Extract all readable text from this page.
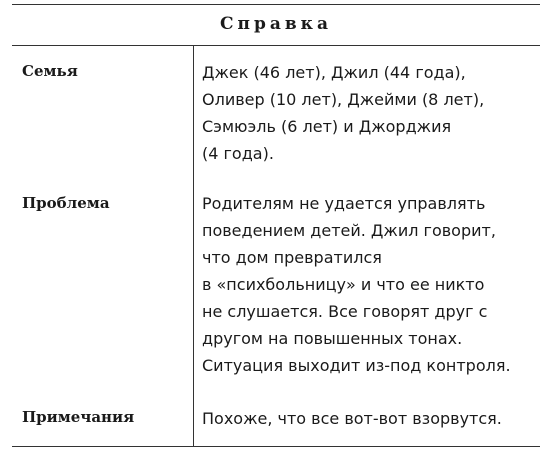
Справка
Семья	Джек (46 лет), Джил (44 года),
Оливер (10 лет), Джейми (8 лет),
Сэмюэль (6 лет) и Джорджия
(4 года).
Проблема	Родителям не удается управлять
поведением детей. Джил говорит,
что дом превратился
в «психбольницу» и что ее никто
не слушается. Все говорят друг с
другом на повышенных тонах.
Ситуация выходит из-под контроля.
Примечания	Похоже, что все вот-вот взорвутся.
